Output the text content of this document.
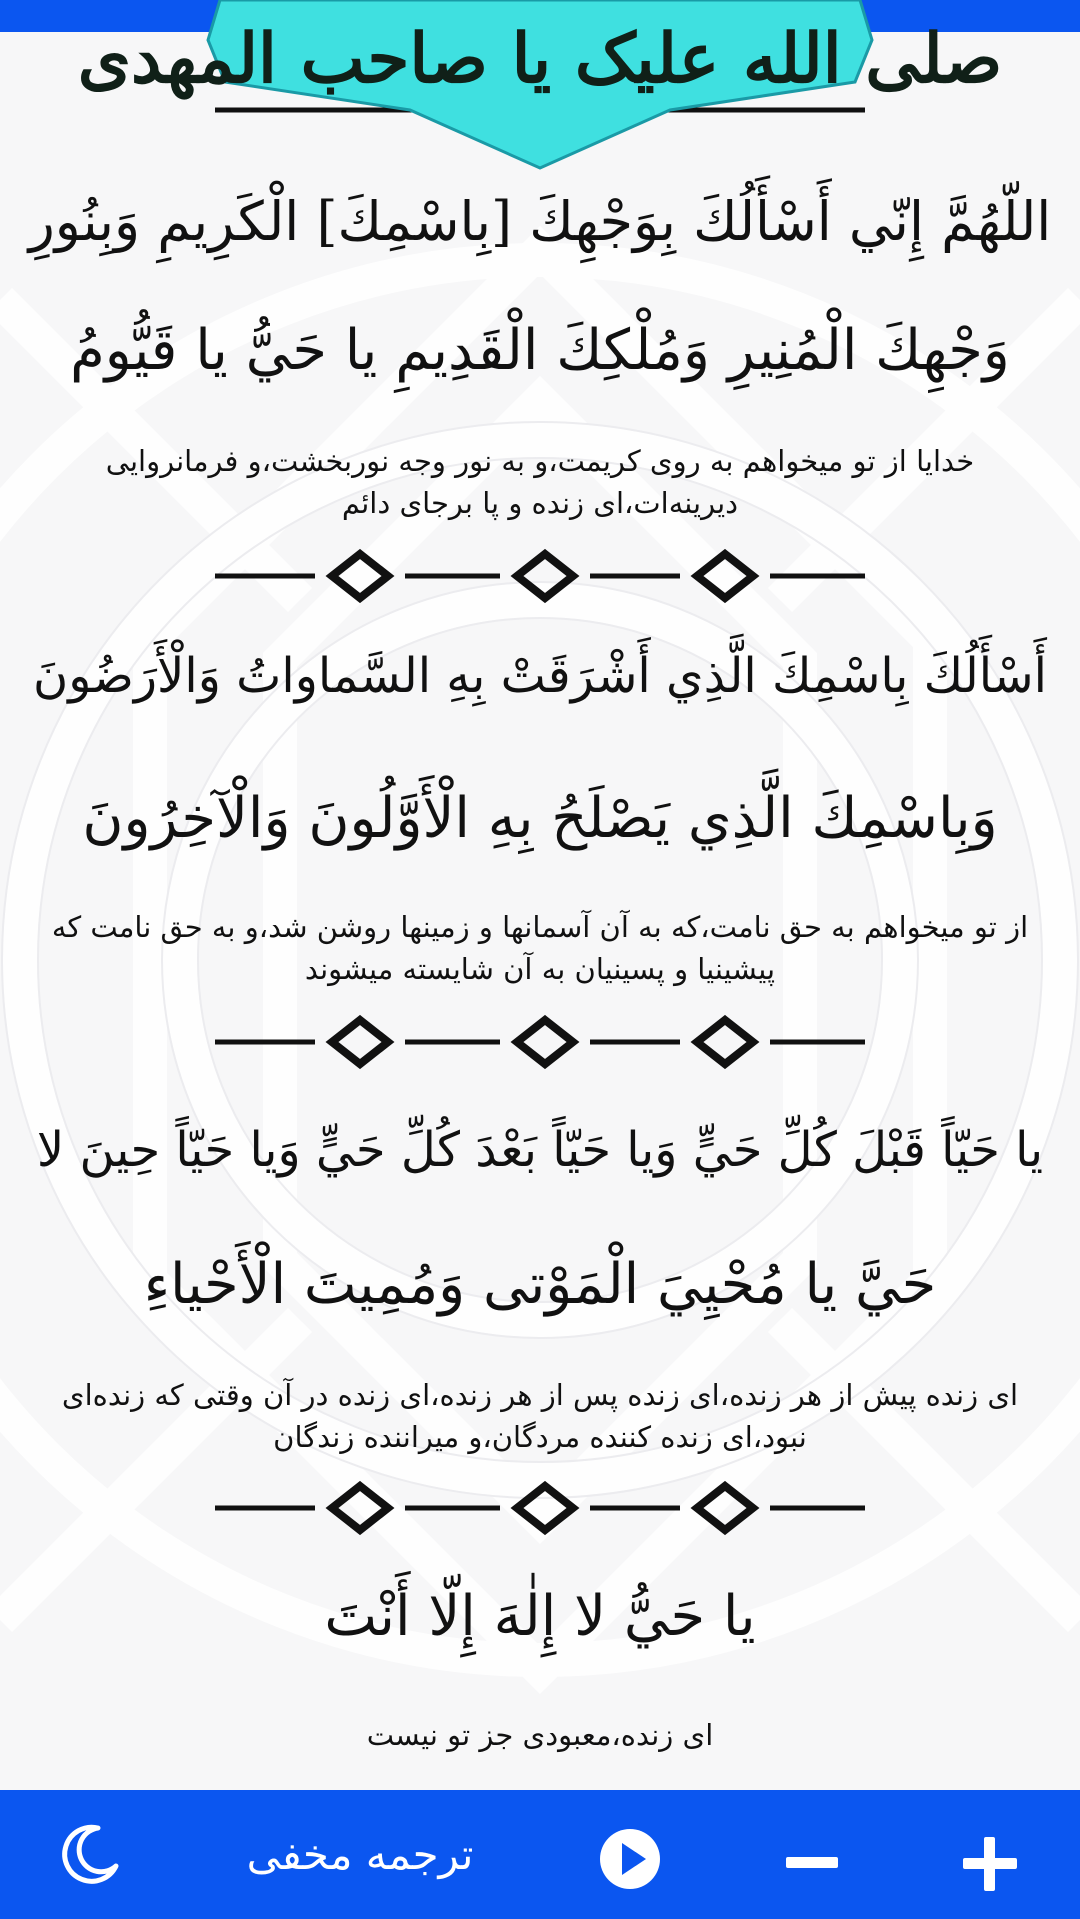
صلی الله علیک یا صاحب المهدی
اللّهُمَّ إِنّي أَسْأَلُكَ بِوَجْهِكَ [بِاسْمِكَ] الْكَرِيمِ وَبِنُورِ
وَجْهِكَ الْمُنِيرِ وَمُلْكِكَ الْقَدِيمِ يا حَيُّ يا قَيُّومُ
خدایا از تو میخواهم به روی کریمت،و به نور وجه نوربخشت،و فرمانروایی دیرینه‌ات،ای زنده و پا برجای دائم
أَسْأَلُكَ بِاسْمِكَ الَّذِي أَشْرَقَتْ بِهِ السَّماواتُ وَالْأَرَضُونَ
وَبِاسْمِكَ الَّذِي يَصْلَحُ بِهِ الْأَوَّلُونَ وَالْآخِرُونَ
از تو میخواهم به حق نامت،که به آن آسمانها و زمینها روشن شد،و به حق نامت که پیشینیا و پسینیان به آن شایسته میشوند
يا حَيّاً قَبْلَ كُلِّ حَيٍّ وَيا حَيّاً بَعْدَ كُلِّ حَيٍّ وَيا حَيّاً حِينَ لا
حَيَّ يا مُحْيِيَ الْمَوْتى وَمُمِيتَ الْأَحْياءِ
ای زنده پیش از هر زنده،ای زنده پس از هر زنده،ای زنده در آن وقتی که زنده‌ای نبود،ای زنده کننده مردگان،و میراننده زندگان
يا حَيُّ لا إِلٰهَ إِلّا أَنْتَ
ای زنده،معبودی جز تو نیست
ترجمه مخفی
